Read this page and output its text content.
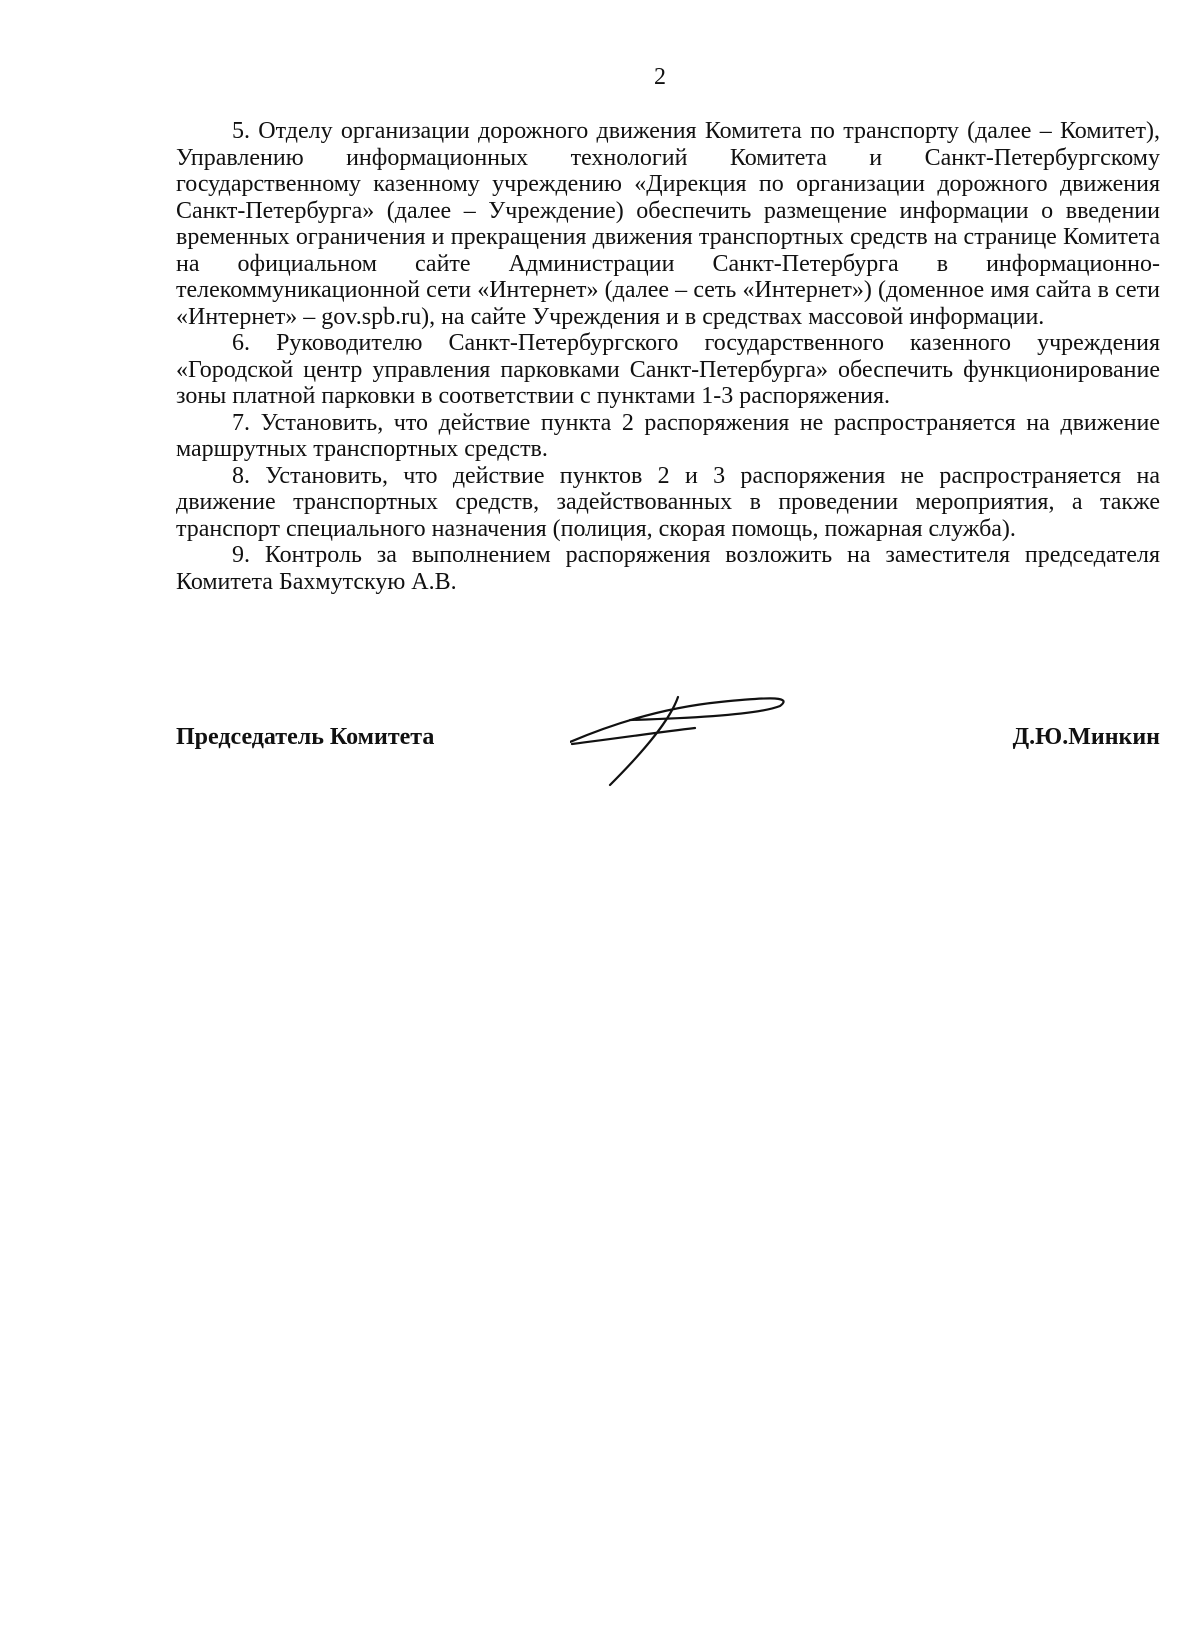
2

5. Отделу организации дорожного движения Комитета по транспорту (далее – Комитет), Управлению информационных технологий Комитета и Санкт-Петербургскому государственному казенному учреждению «Дирекция по организации дорожного движения Санкт-Петербурга» (далее – Учреждение) обеспечить размещение информации о введении временных ограничения и прекращения движения транспортных средств на странице Комитета на официальном сайте Администрации Санкт-Петербурга в информационно-телекоммуникационной сети «Интернет» (далее – сеть «Интернет») (доменное имя сайта в сети «Интернет» – gov.spb.ru), на сайте Учреждения и в средствах массовой информации.

6. Руководителю Санкт-Петербургского государственного казенного учреждения «Городской центр управления парковками Санкт-Петербурга» обеспечить функционирование зоны платной парковки в соответствии с пунктами 1-3 распоряжения.

7. Установить, что действие пункта 2 распоряжения не распространяется на движение маршрутных транспортных средств.

8. Установить, что действие пунктов 2 и 3 распоряжения не распространяется на движение транспортных средств, задействованных в проведении мероприятия, а также транспорт специального назначения (полиция, скорая помощь, пожарная служба).

9. Контроль за выполнением распоряжения возложить на заместителя председателя Комитета Бахмутскую А.В.

Председатель Комитета	Д.Ю.Минкин
